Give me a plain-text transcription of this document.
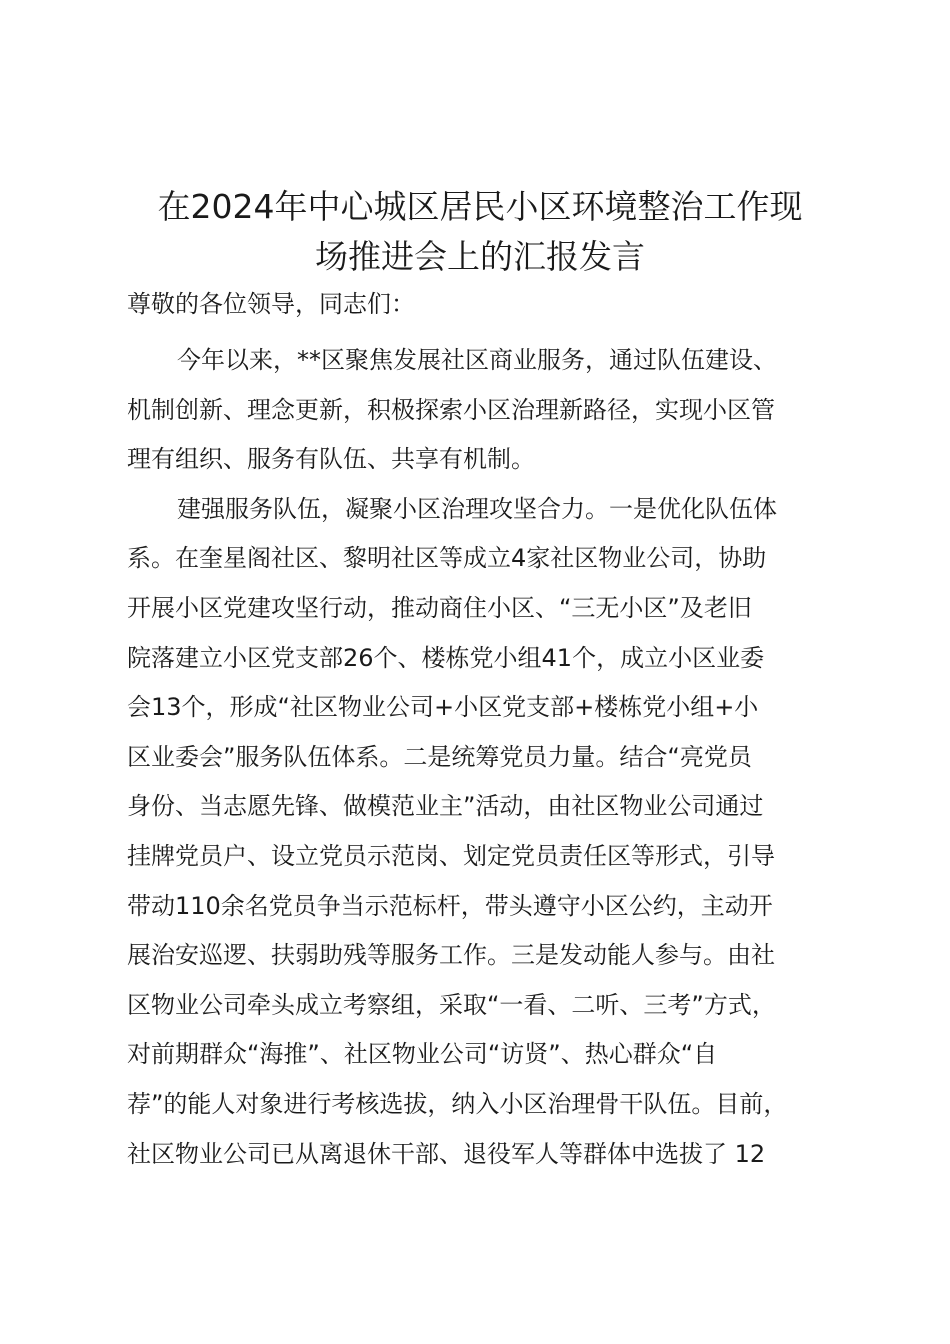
在2024年中心城区居民小区环境整治工作现
场推进会上的汇报发言

尊敬的各位领导，同志们：

今年以来，**区聚焦发展社区商业服务，通过队伍建设、
机制创新、理念更新，积极探索小区治理新路径，实现小区管
理有组织、服务有队伍、共享有机制。
建强服务队伍，凝聚小区治理攻坚合力。一是优化队伍体
系。在奎星阁社区、黎明社区等成立4家社区物业公司，协助
开展小区党建攻坚行动，推动商住小区、“三无小区”及老旧
院落建立小区党支部26个、楼栋党小组41个，成立小区业委
会13个，形成“社区物业公司+小区党支部+楼栋党小组+小
区业委会”服务队伍体系。二是统筹党员力量。结合“亮党员
身份、当志愿先锋、做模范业主”活动，由社区物业公司通过
挂牌党员户、设立党员示范岗、划定党员责任区等形式，引导
带动110余名党员争当示范标杆，带头遵守小区公约，主动开
展治安巡逻、扶弱助残等服务工作。三是发动能人参与。由社
区物业公司牵头成立考察组，采取“一看、二听、三考”方式，
对前期群众“海推”、社区物业公司“访贤”、热心群众“自
荐”的能人对象进行考核选拔，纳入小区治理骨干队伍。目前，
社区物业公司已从离退休干部、退役军人等群体中选拔了 12
